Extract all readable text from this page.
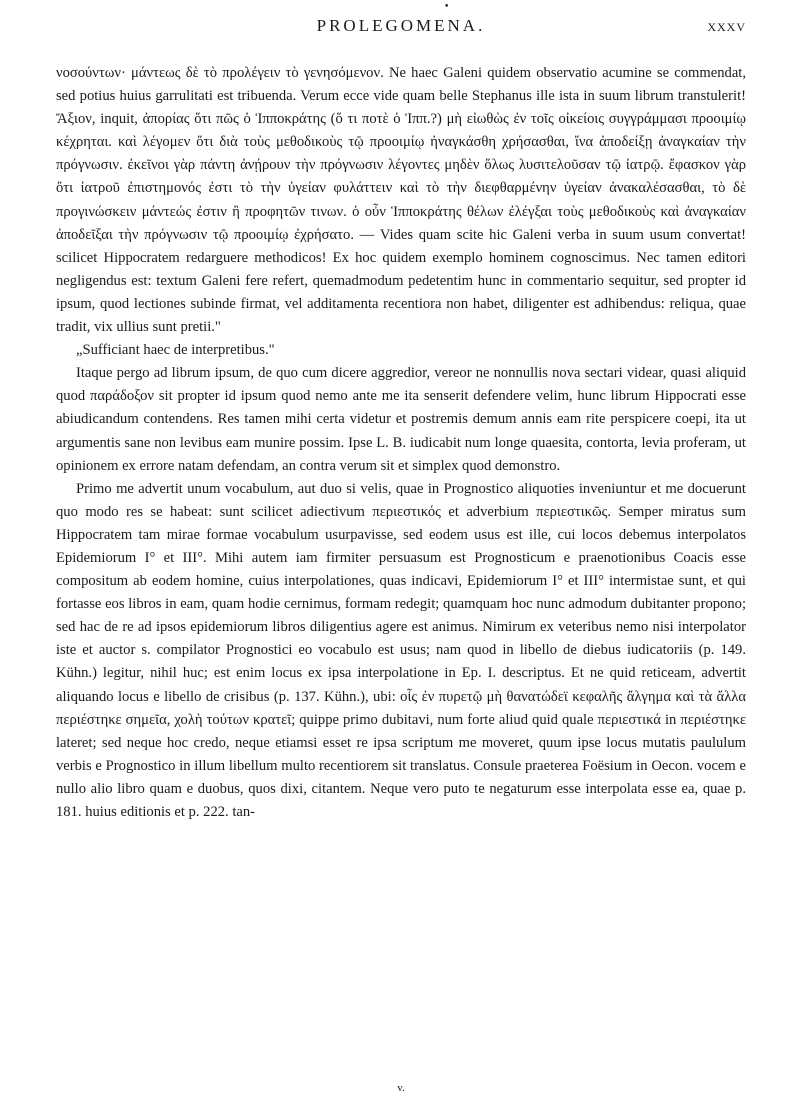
•
PROLEGOMENA.	XXXV

νοσούντων· μάντεως δὲ τὸ προλέγειν τὸ γενησόμενον. Ne haec Galeni quidem observatio acumine se commendat, sed potius huius garrulitati est tribuenda. Verum ecce vide quam belle Stephanus ille ista in suum librum transtulerit! Ἄξιον, inquit, ἀπορίας ὅτι πῶς ὁ Ἱπποκράτης (ὅ τι ποτὲ ὁ Ἱππ.?) μὴ εἰωθὼς ἐν τοῖς οἰκείοις συγγράμμασι προοιμίῳ κέχρηται. καὶ λέγομεν ὅτι διὰ τοὺς μεθοδικοὺς τῷ προοιμίῳ ἠναγκάσθη χρήσασθαι, ἵνα ἀποδείξῃ ἀναγκαίαν τὴν πρόγνωσιν. ἐκεῖνοι γὰρ πάντη ἀνῄρουν τὴν πρόγνωσιν λέγοντες μηδὲν ὅλως λυσιτελοῦσαν τῷ ἰατρῷ. ἔφασκον γὰρ ὅτι ἰατροῦ ἐπιστημονός ἐστι τὸ τὴν ὑγείαν φυλάττειν καὶ τὸ τὴν διεφθαρμένην ὑγείαν ἀνακαλέσασθαι, τὸ δὲ προγινώσκειν μάντεώς ἐστιν ἢ προφητῶν τινων. ὁ οὖν Ἱπποκράτης θέλων ἐλέγξαι τοὺς μεθοδικοὺς καὶ ἀναγκαίαν ἀποδεῖξαι τὴν πρόγνωσιν τῷ προοιμίῳ ἐχρήσατο. — Vides quam scite hic Galeni verba in suum usum convertat! scilicet Hippocratem redarguere methodicos! Ex hoc quidem exemplo hominem cognoscimus. Nec tamen editori negligendus est: textum Galeni fere refert, quemadmodum pedetentim hunc in commentario sequitur, sed propter id ipsum, quod lectiones subinde firmat, vel additamenta recentiora non habet, diligenter est adhibendus: reliqua, quae tradit, vix ullius sunt pretii."

„Sufficiant haec de interpretibus."

Itaque pergo ad librum ipsum, de quo cum dicere aggredior, vereor ne nonnullis nova sectari videar, quasi aliquid quod παράδοξον sit propter id ipsum quod nemo ante me ita senserit defendere velim, hunc librum Hippocrati esse abiudicandum contendens. Res tamen mihi certa videtur et postremis demum annis eam rite perspicere coepi, ita ut argumentis sane non levibus eam munire possim. Ipse L. B. iudicabit num longe quaesita, contorta, levia proferam, ut opinionem ex errore natam defendam, an contra verum sit et simplex quod demonstro.

Primo me advertit unum vocabulum, aut duo si velis, quae in Prognostico aliquoties inveniuntur et me docuerunt quo modo res se habeat: sunt scilicet adiectivum περιεστικός et adverbium περιεστικῶς. Semper miratus sum Hippocratem tam mirae formae vocabulum usurpavisse, sed eodem usus est ille, cui locos debemus interpolatos Epidemiorum I° et III°. Mihi autem iam firmiter persuasum est Prognosticum e praenotionibus Coacis esse compositum ab eodem homine, cuius interpolationes, quas indicavi, Epidemiorum I° et III° intermistae sunt, et qui fortasse eos libros in eam, quam hodie cernimus, formam redegit; quamquam hoc nunc admodum dubitanter propono; sed hac de re ad ipsos epidemiorum libros diligentius agere est animus. Nimirum ex veteribus nemo nisi interpolator iste et auctor s. compilator Prognostici eo vocabulo est usus; nam quod in libello de diebus iudicatoriis (p. 149. Kühn.) legitur, nihil huc; est enim locus ex ipsa interpolatione in Ep. I. descriptus. Et ne quid reticeam, advertit aliquando locus e libello de crisibus (p. 137. Kühn.), ubi: οἷς ἐν πυρετῷ μὴ θανατώδεϊ κεφαλῆς ἄλγημα καὶ τὰ ἄλλα περιέστηκε σημεῖα, χολὴ τούτων κρατεῖ; quippe primo dubitavi, num forte aliud quid quale περιεστικά in περιέστηκε lateret; sed neque hoc credo, neque etiamsi esset re ipsa scriptum me moveret, quum ipse locus mutatis paululum verbis e Prognostico in illum libellum multo recentiorem sit translatus. Consule praeterea Foësium in Oecon. vocem e nullo alio libro quam e duobus, quos dixi, citantem. Neque vero puto te negaturum esse interpolata esse ea, quae p. 181. huius editionis et p. 222. tan-

v.
